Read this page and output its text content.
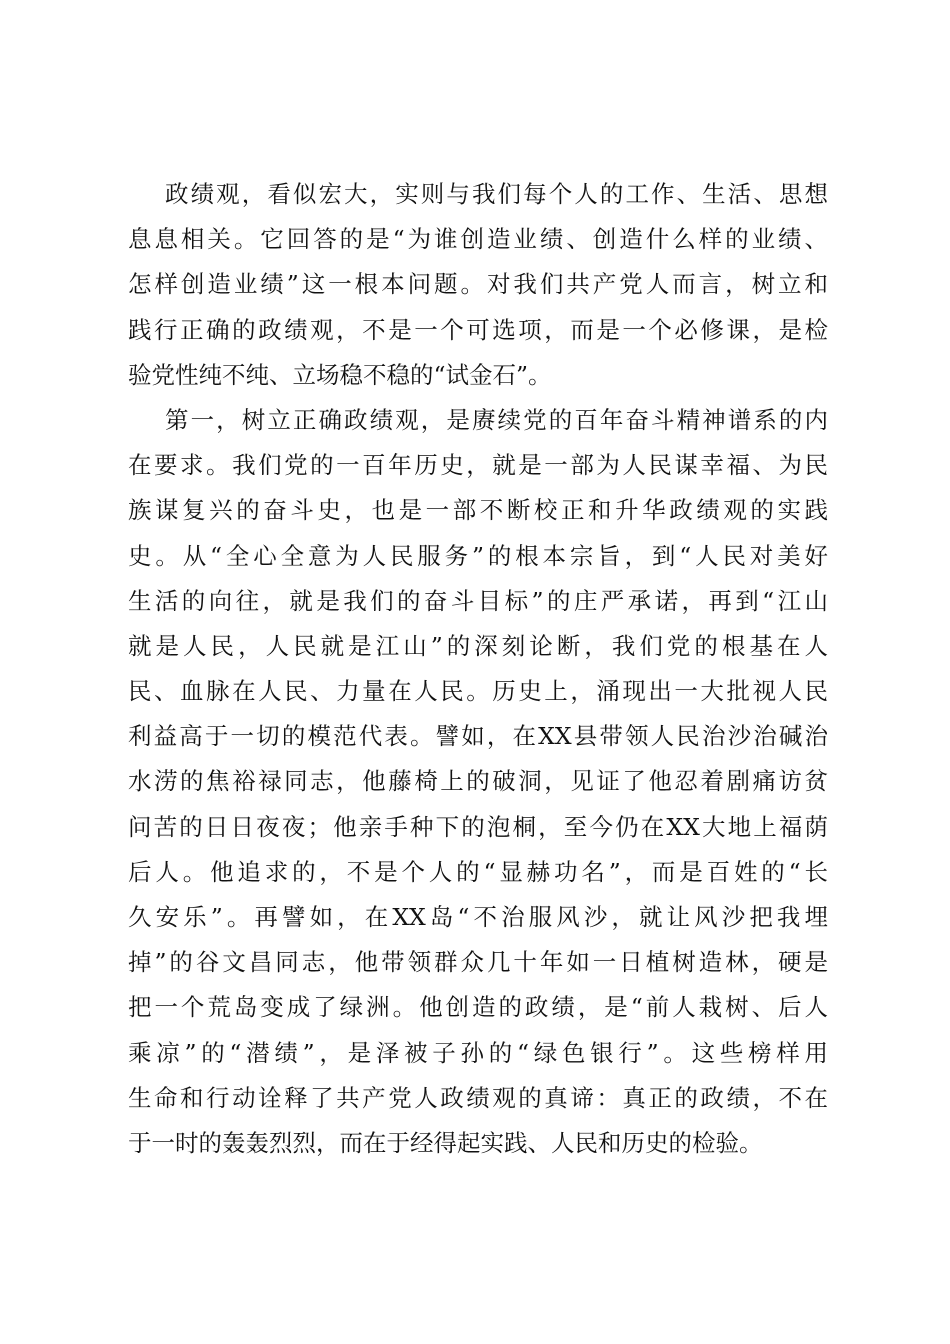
政绩观，看似宏大，实则与我们每个人的工作、生活、思想
息息相关。它回答的是“为谁创造业绩、创造什么样的业绩、
怎样创造业绩”这一根本问题。对我们共产党人而言，树立和
践行正确的政绩观，不是一个可选项，而是一个必修课，是检
验党性纯不纯、立场稳不稳的“试金石”。
第一，树立正确政绩观，是赓续党的百年奋斗精神谱系的内
在要求。我们党的一百年历史，就是一部为人民谋幸福、为民
族谋复兴的奋斗史，也是一部不断校正和升华政绩观的实践
史。从“全心全意为人民服务”的根本宗旨，到“人民对美好
生活的向往，就是我们的奋斗目标”的庄严承诺，再到“江山
就是人民，人民就是江山”的深刻论断，我们党的根基在人
民、血脉在人民、力量在人民。历史上，涌现出一大批视人民
利益高于一切的模范代表。譬如，在XX县带领人民治沙治碱治
水涝的焦裕禄同志，他藤椅上的破洞，见证了他忍着剧痛访贫
问苦的日日夜夜；他亲手种下的泡桐，至今仍在XX大地上福荫
后人。他追求的，不是个人的“显赫功名”，而是百姓的“长
久安乐”。再譬如，在XX岛“不治服风沙，就让风沙把我埋
掉”的谷文昌同志，他带领群众几十年如一日植树造林，硬是
把一个荒岛变成了绿洲。他创造的政绩，是“前人栽树、后人
乘凉”的“潜绩”，是泽被子孙的“绿色银行”。这些榜样用
生命和行动诠释了共产党人政绩观的真谛：真正的政绩，不在
于一时的轰轰烈烈，而在于经得起实践、人民和历史的检验。
